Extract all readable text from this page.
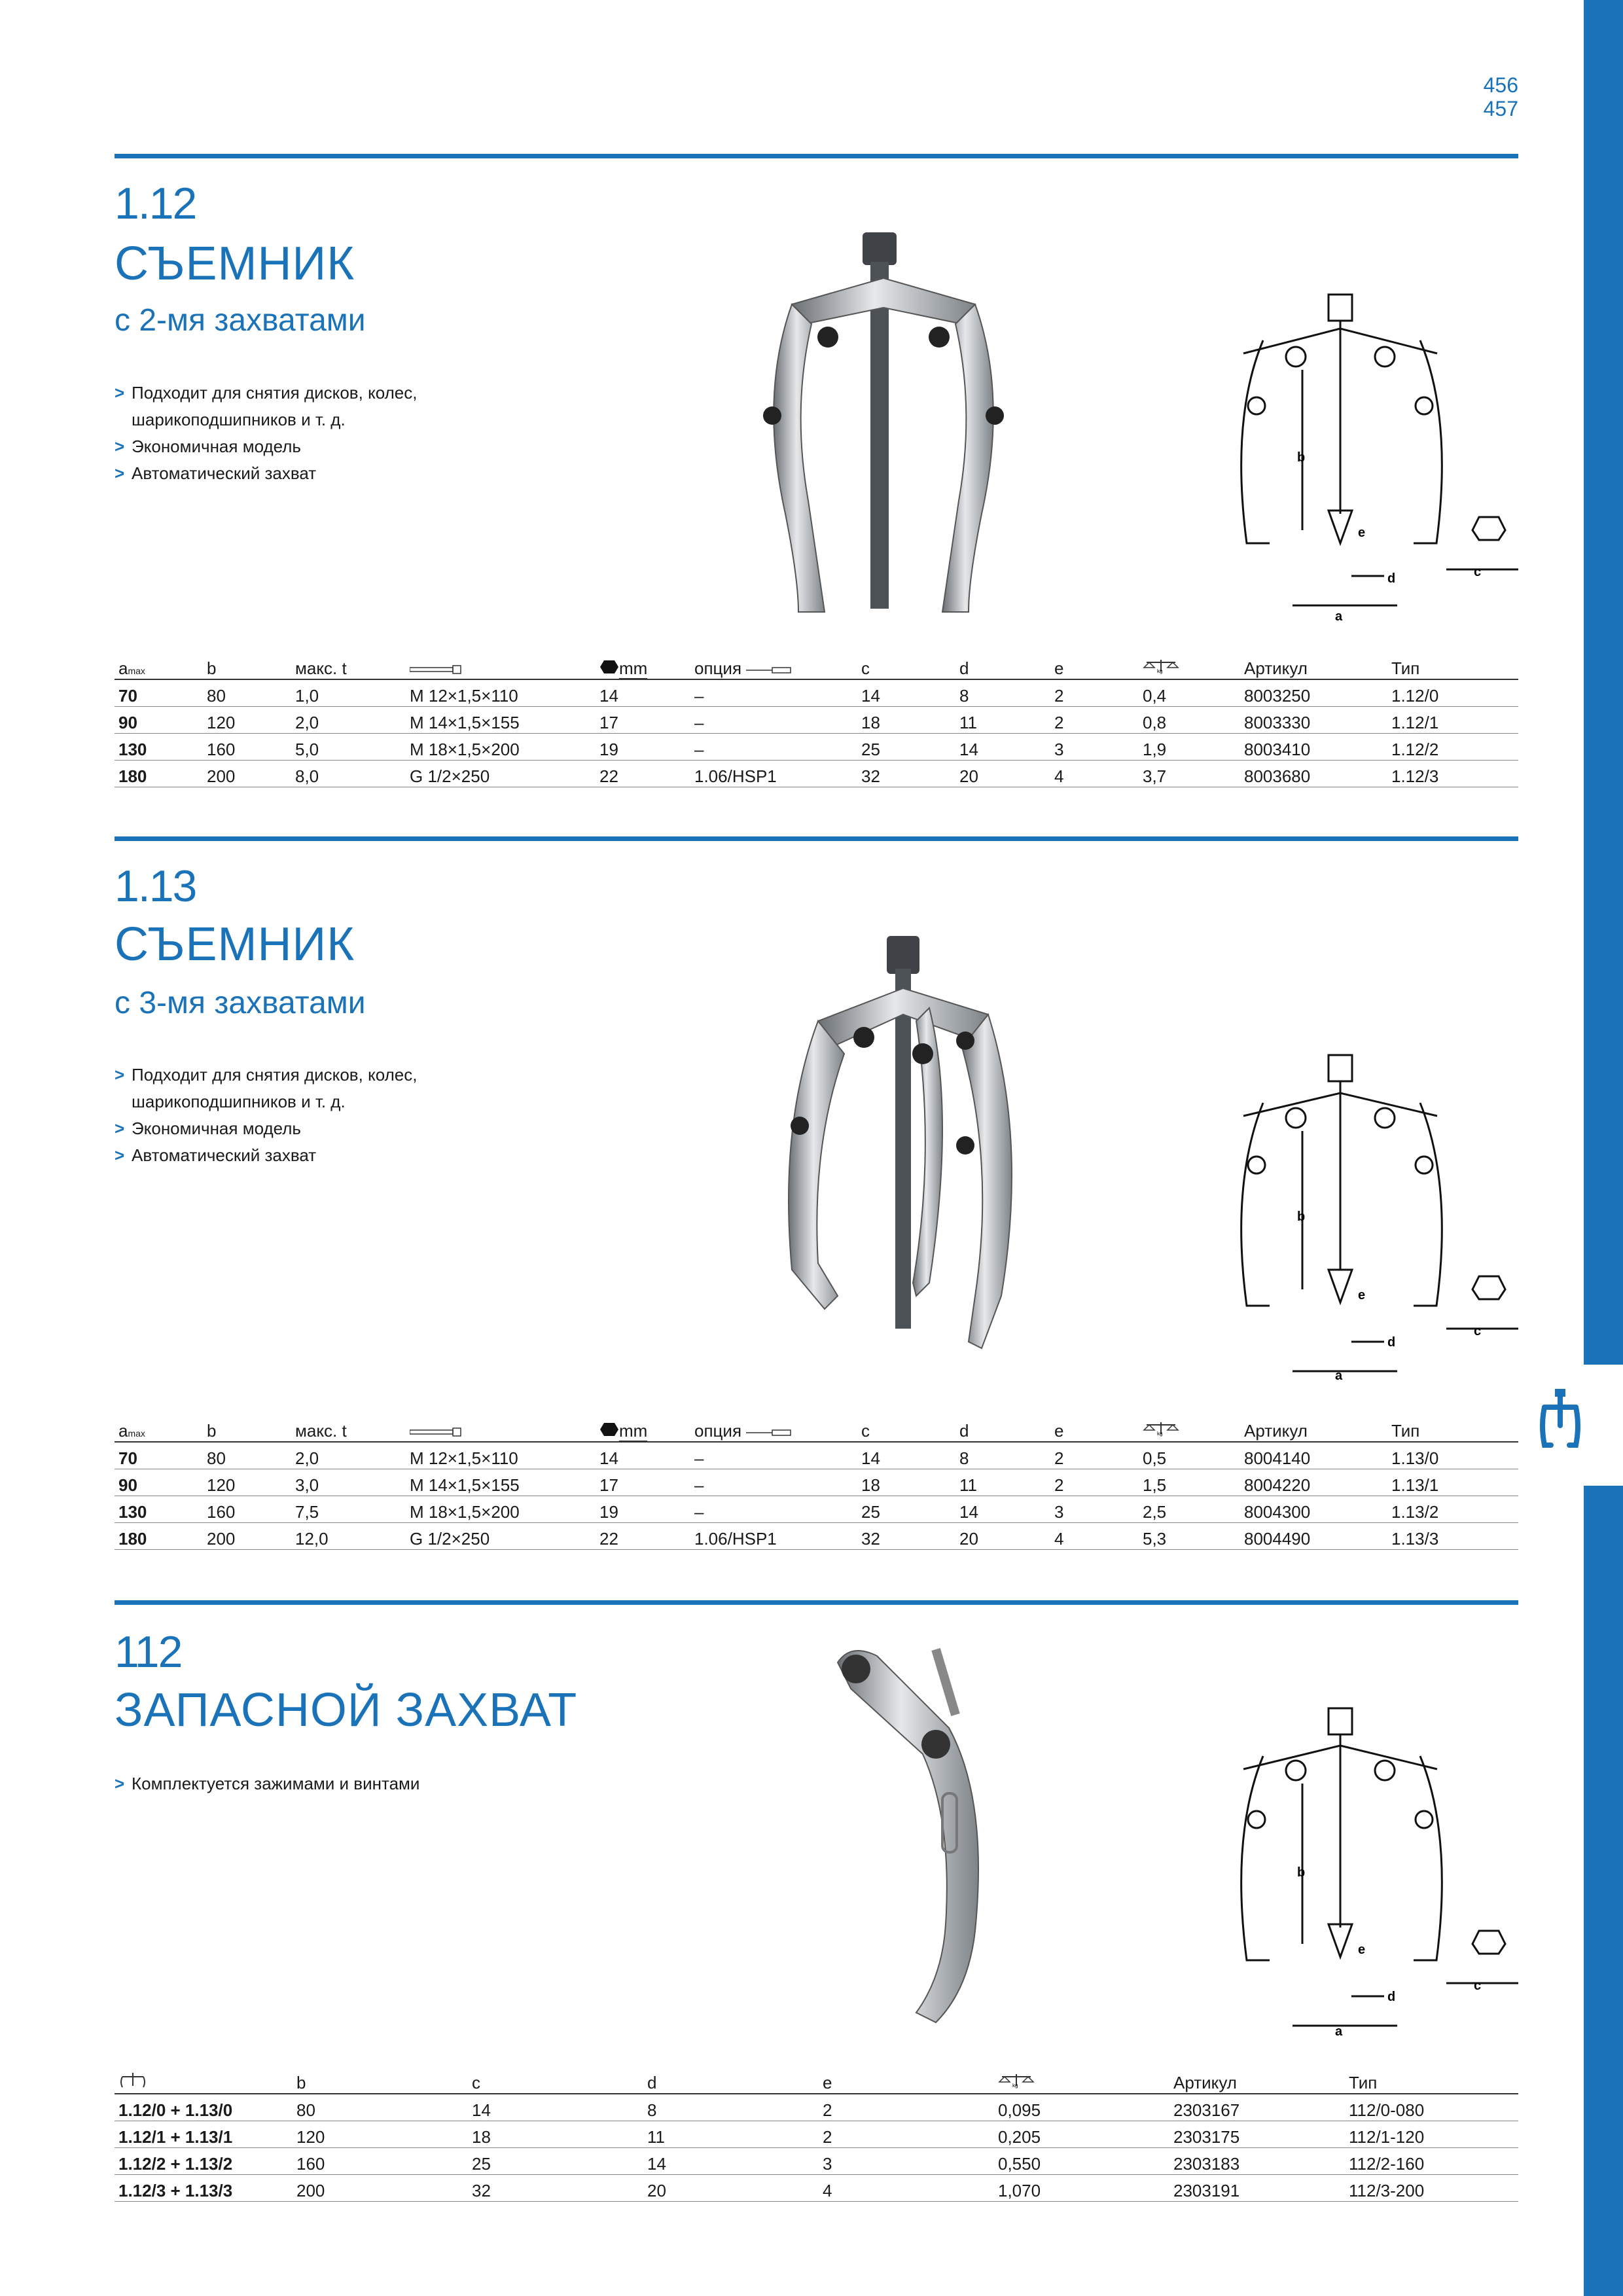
456
457
1.12
СЪЕМНИК
с 2-мя захватами
> Подходит для снятия дисков, колес,
шарикоподшипников и т. д.
> Экономичная модель
> Автоматический захват
b
e
d	c
a
amax	b	макс. t		mm	опция	c	d	e	kg	Артикул	Тип
70	80	1,0	M 12×1,5×110	14	–	14	8	2	0,4	8003250	1.12/0
90	120	2,0	M 14×1,5×155	17	–	18	11	2	0,8	8003330	1.12/1
130	160	5,0	M 18×1,5×200	19	–	25	14	3	1,9	8003410	1.12/2
180	200	8,0	G 1/2×250	22	1.06/HSP1	32	20	4	3,7	8003680	1.12/3
1.13
СЪЕМНИК
с 3-мя захватами
> Подходит для снятия дисков, колес,
шарикоподшипников и т. д.
> Экономичная модель
> Автоматический захват
b
e
d
c
a
amax	b	макс. t		mm	опция	c	d	e	kg	Артикул	Тип
70	80	2,0	M 12×1,5×110	14	–	14	8	2	0,5	8004140	1.13/0
90	120	3,0	M 14×1,5×155	17	–	18	11	2	1,5	8004220	1.13/1
130	160	7,5	M 18×1,5×200	19	–	25	14	3	2,5	8004300	1.13/2
180	200	12,0	G 1/2×250	22	1.06/HSP1	32	20	4	5,3	8004490	1.13/3
112
ЗАПАСНОЙ ЗАХВАТ
> Комплектуется зажимами и винтами
b
e
d
c
a
	b	c	d	e	kg	Артикул	Тип
1.12/0 + 1.13/0	80	14	8	2	0,095	2303167	112/0-080
1.12/1 + 1.13/1	120	18	11	2	0,205	2303175	112/1-120
1.12/2 + 1.13/2	160	25	14	3	0,550	2303183	112/2-160
1.12/3 + 1.13/3	200	32	20	4	1,070	2303191	112/3-200
